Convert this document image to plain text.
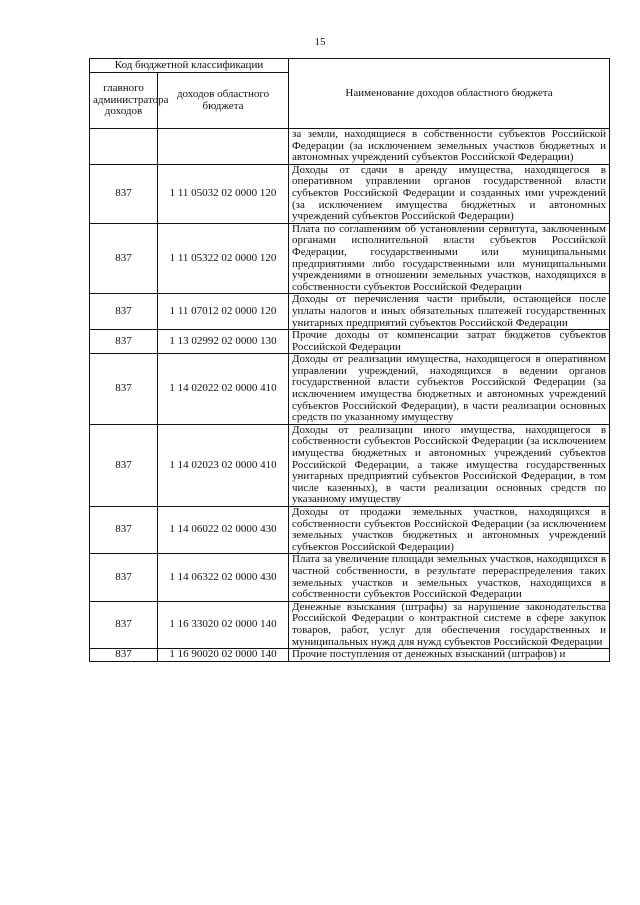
15
Код бюджетной классификации		Наименование доходов областного бюджета
главного администратора доходов	доходов областного бюджета	
		за земли, находящиеся в собственности субъектов Российской Федерации (за исключением земельных участков бюджетных и автономных учреждений субъектов Российской Федерации)
837	1 11 05032 02 0000 120	Доходы от сдачи в аренду имущества, находящегося в оперативном управлении органов государственной власти субъектов Российской Федерации и созданных ими учреждений (за исключением имущества бюджетных и автономных учреждений субъектов Российской Федерации)
837	1 11 05322 02 0000 120	Плата по соглашениям об установлении сервитута, заключенным органами исполнительной власти субъектов Российской Федерации, государственными или муниципальными предприятиями либо государственными или муниципальными учреждениями в отношении земельных участков, находящихся в собственности субъектов Российской Федерации
837	1 11 07012 02 0000 120	Доходы от перечисления части прибыли, остающейся после уплаты налогов и иных обязательных платежей государственных унитарных предприятий субъектов Российской Федерации
837	1 13 02992 02 0000 130	Прочие доходы от компенсации затрат бюджетов субъектов Российской Федерации
837	1 14 02022 02 0000 410	Доходы от реализации имущества, находящегося в оперативном управлении учреждений, находящихся в ведении органов государственной власти субъектов Российской Федерации (за исключением имущества бюджетных и автономных учреждений субъектов Российской Федерации), в части реализации основных средств по указанному имуществу
837	1 14 02023 02 0000 410	Доходы от реализации иного имущества, находящегося в собственности субъектов Российской Федерации (за исключением имущества бюджетных и автономных учреждений субъектов Российской Федерации, а также имущества государственных унитарных предприятий субъектов Российской Федерации, в том числе казенных), в части реализации основных средств по указанному имуществу
837	1 14 06022 02 0000 430	Доходы от продажи земельных участков, находящихся в собственности субъектов Российской Федерации (за исключением земельных участков бюджетных и автономных учреждений субъектов Российской Федерации)
837	1 14 06322 02 0000 430	Плата за увеличение площади земельных участков, находящихся в частной собственности, в результате перераспределения таких земельных участков и земельных участков, находящихся в собственности субъектов Российской Федерации
837	1 16 33020 02 0000 140	Денежные взыскания (штрафы) за нарушение законодательства Российской Федерации о контрактной системе в сфере закупок товаров, работ, услуг для обеспечения государственных и муниципальных нужд для нужд субъектов Российской Федерации
837	1 16 90020 02 0000 140	Прочие поступления от денежных взысканий (штрафов) и
